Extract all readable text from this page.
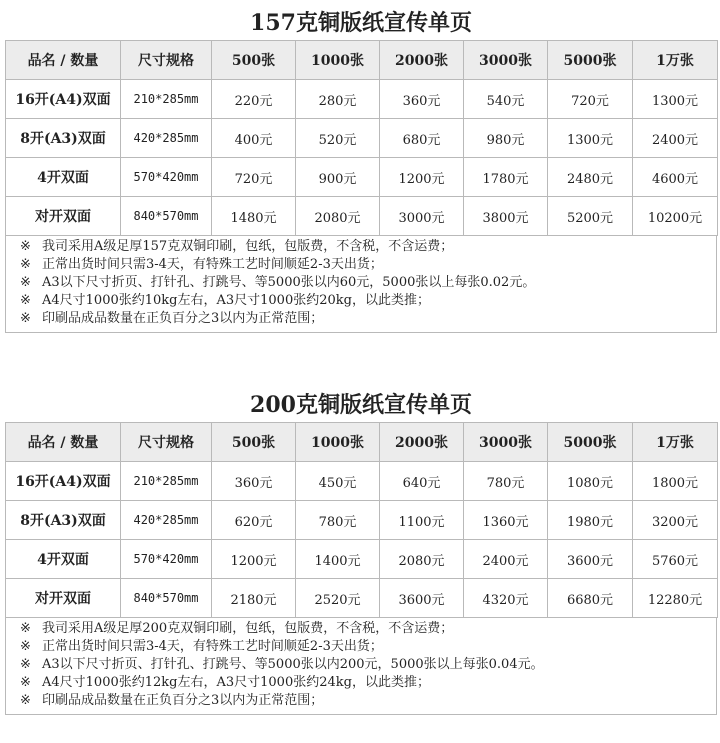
157克铜版纸宣传单页
品名 / 数量	尺寸规格	500张	1000张	2000张	3000张	5000张	1万张
16开(A4)双面	210*285mm	220元	280元	360元	540元	720元	1300元
8开(A3)双面	420*285mm	400元	520元	680元	980元	1300元	2400元
4开双面	570*420mm	720元	900元	1200元	1780元	2480元	4600元
对开双面	840*570mm	1480元	2080元	3000元	3800元	5200元	10200元
※ 我司采用A级足厚157克双铜印刷，包纸，包版费，不含税，不含运费；
※ 正常出货时间只需3-4天，有特殊工艺时间顺延2-3天出货；
※ A3以下尺寸折页、打针孔、打跳号、等5000张以内60元，5000张以上每张0.02元。
※ A4尺寸1000张约10kg左右，A3尺寸1000张约20kg，以此类推；
※ 印刷品成品数量在正负百分之3以内为正常范围；
200克铜版纸宣传单页
品名 / 数量	尺寸规格	500张	1000张	2000张	3000张	5000张	1万张
16开(A4)双面	210*285mm	360元	450元	640元	780元	1080元	1800元
8开(A3)双面	420*285mm	620元	780元	1100元	1360元	1980元	3200元
4开双面	570*420mm	1200元	1400元	2080元	2400元	3600元	5760元
对开双面	840*570mm	2180元	2520元	3600元	4320元	6680元	12280元
※ 我司采用A级足厚200克双铜印刷，包纸，包版费，不含税，不含运费；
※ 正常出货时间只需3-4天，有特殊工艺时间顺延2-3天出货；
※ A3以下尺寸折页、打针孔、打跳号、等5000张以内200元，5000张以上每张0.04元。
※ A4尺寸1000张约12kg左右，A3尺寸1000张约24kg，以此类推；
※ 印刷品成品数量在正负百分之3以内为正常范围；
